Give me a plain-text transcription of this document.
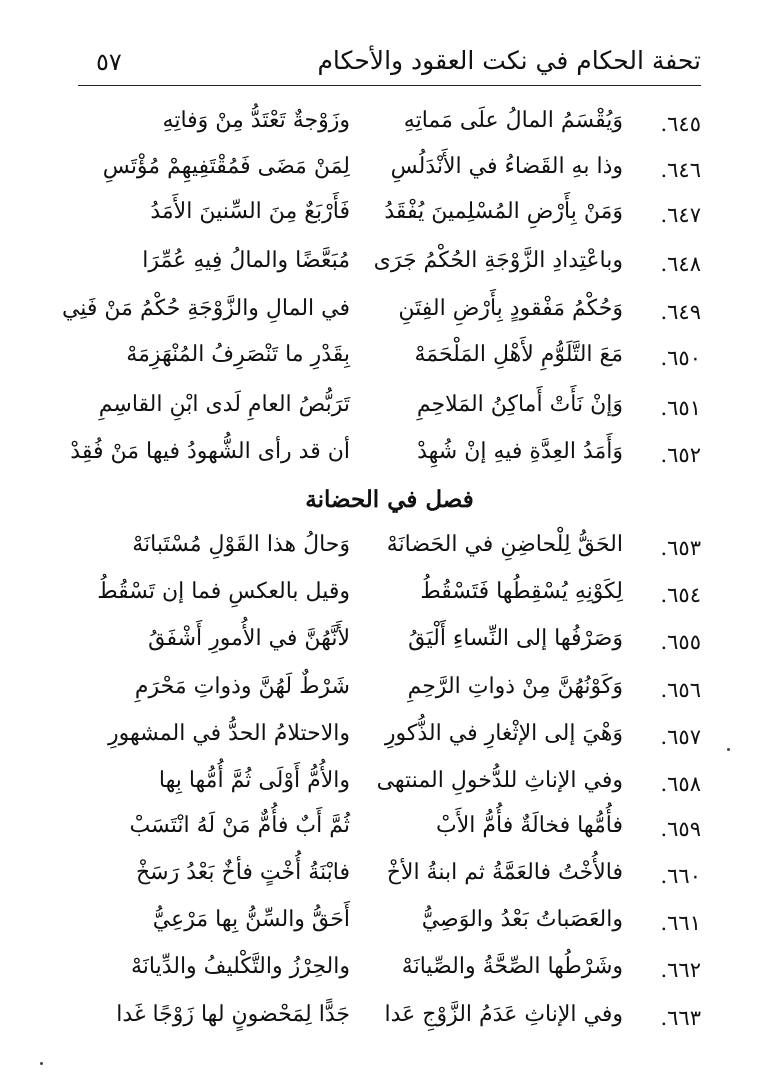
٥٧	تحفة الحكام في نكت العقود والأحكام
٦٤٥.
وَيُقْسَمُ المالُ علَى مَماتِهِ
وزَوْجةٌ تَعْتَدُّ مِنْ وَفاتِهِ
٦٤٦.
وذا بهِ القَضاءُ في الأَنْدَلُسِ
لِمَنْ مَضَى فَمُقْتَفِيهِمْ مُؤْتَسِ
٦٤٧.
وَمَنْ بِأَرْضِ المُسْلِمينَ يُفْقَدُ
فَأَرْبَعٌ مِنَ السِّنينَ الأَمَدُ
٦٤٨.
وباعْتِدادِ الزَّوْجَةِ الحُكْمُ جَرَى
مُبَعَّضًا والمالُ فِيهِ عُمِّرَا
٦٤٩.
وَحُكْمُ مَفْقودٍ بِأَرْضِ الفِتَنِ
في المالِ والزَّوْجَةِ حُكْمُ مَنْ فَنِي
٦٥٠.
مَعَ التَّلَوُّمِ لأَهْلِ المَلْحَمَهْ
بِقَدْرِ ما تَنْصَرِفُ المُنْهَزِمَهْ
٦٥١.
وَإنْ نَأَتْ أَماكِنُ المَلاحِمِ
تَرَبُّصُ العامِ لَدى ابْنِ القاسِمِ
٦٥٢.
وَأَمَدُ العِدَّةِ فيهِ إنْ شُهِدْ
أن قد رأى الشُّهودُ فيها مَنْ فُقِدْ
فصل في الحضانة
٦٥٣.
الحَقُّ لِلْحاضِنِ في الحَضانَهْ
وَحالُ هذا القَوْلِ مُسْتَبانَهْ
٦٥٤.
لِكَوْنِهِ يُسْقِطُها فَتَسْقُطُ
وقيل بالعكسِ فما إن تَسْقُطُ
٦٥٥.
وَصَرْفُها إلى النِّساءِ أَلْيَقُ
لأَنَّهُنَّ في الأُمورِ أَشْفَقُ
٦٥٦.
وَكَوْنُهُنَّ مِنْ ذواتِ الرَّحِمِ
شَرْطٌ لَهُنَّ وذواتِ مَحْرَمِ
٦٥٧.
وَهْيَ إلى الإثْغارِ في الذُّكورِ
والاحتلامُ الحدُّ في المشهورِ
٦٥٨.
وفي الإناثِ للدُّخولِ المنتهى
والأُمُّ أَوْلَى ثُمَّ أُمُّها بِها
٦٥٩.
فأُمُّها فخالَةٌ فأُمُّ الأَبْ
ثُمَّ أَبٌ فأُمٌّ مَنْ لَهُ انْتَسَبْ
٦٦٠.
فالأُخْتُ فالعَمَّةُ ثم ابنةُ الأخْ
فابْنَةُ أُخْتٍ فأخٌ بَعْدُ رَسَخْ
٦٦١.
والعَصَباتُ بَعْدُ والوَصِيُّ
أَحَقُّ والسِّنُّ بِها مَرْعِيُّ
٦٦٢.
وشَرْطُها الصِّحَّةُ والصِّيانَهْ
والحِرْزُ والتَّكْليفُ والدِّيانَهْ
٦٦٣.
وفي الإناثِ عَدَمُ الزَّوْجِ عَدا
جَدًّا لِمَحْضونٍ لها زَوْجًا غَدا
